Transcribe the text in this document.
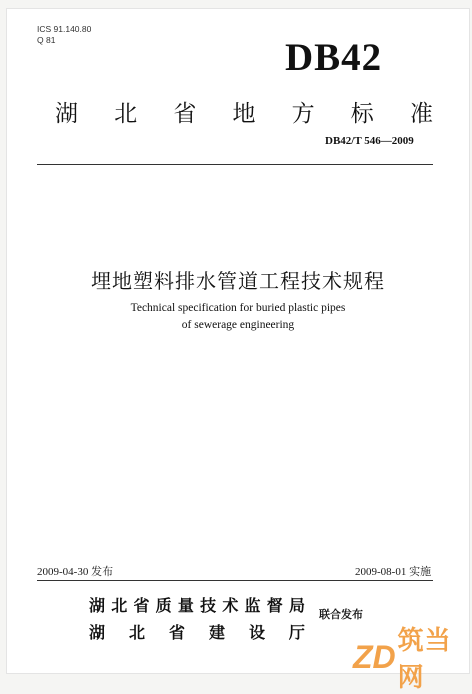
ICS 91.140.80
Q 81	DB42
湖 北 省 地 方 标 准
DB42/T 546—2009
埋地塑料排水管道工程技术规程
Technical specification for buried plastic pipes
of sewerage engineering
2009-04-30 发布	2009-08-01 实施
湖 北 省 质 量 技 术 监 督 局
湖 北 省 建 设 厅
联合发布
ZD 筑当网
